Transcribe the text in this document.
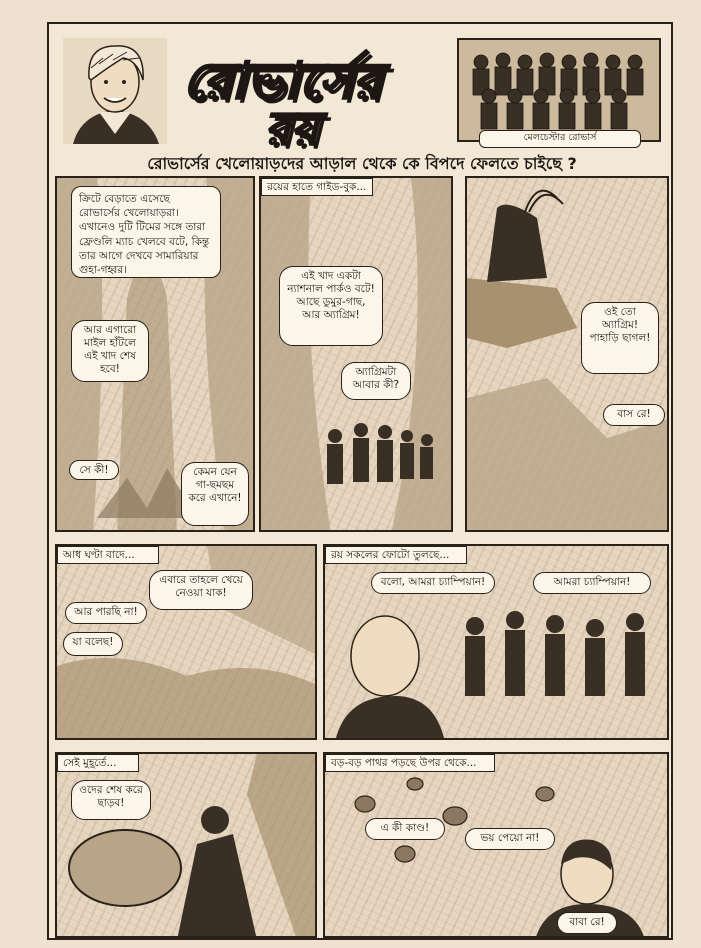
রোভার্সের
রয়	মেলচেস্টার রোভার্স
রোভার্সের খেলোয়াড়দের আড়াল থেকে কে বিপদে ফেলতে চাইছে ?
ক্রিটে বেড়াতে এসেছে রোভার্সের খেলোয়াড়রা। এখানেও দুটি টিমের সঙ্গে তারা ফ্রেণ্ডলি ম্যাচ খেলবে বটে, কিন্তু তার আগে দেখবে সামারিয়ার গুহা-গহ্বর।
আর এগারো মাইল হাঁটলে এই খাদ শেষ হবে!
সে কী!	কেমন যেন গা-ছমছম করে এখানে!
রয়ের হাতে গাইড-বুক...
এই খাদ একটা ন্যাশনাল পার্কও বটে! আছে ডুমুর-গাছ, আর অ্যাগ্রিম!
অ্যাগ্রিমটা আবার কী?
ওই তো অ্যাগ্রিম! পাহাড়ি ছাগল!
বাস রে!
আধ ঘণ্টা বাদে...
এবারে তাহলে খেয়ে নেওয়া যাক!
আর পারছি না!
যা বলেছ!
রয় সকলের ফোটো তুলছে...
বলো, আমরা চ্যাম্পিয়ান!	আমরা চ্যাম্পিয়ান!
সেই মুহূর্তে...
ওদের শেষ করে ছাড়ব!
বড়-বড় পাথর পড়ছে উপর থেকে...
এ কী কাণ্ড!
ভয় পেয়ো না!
বাবা রে!
